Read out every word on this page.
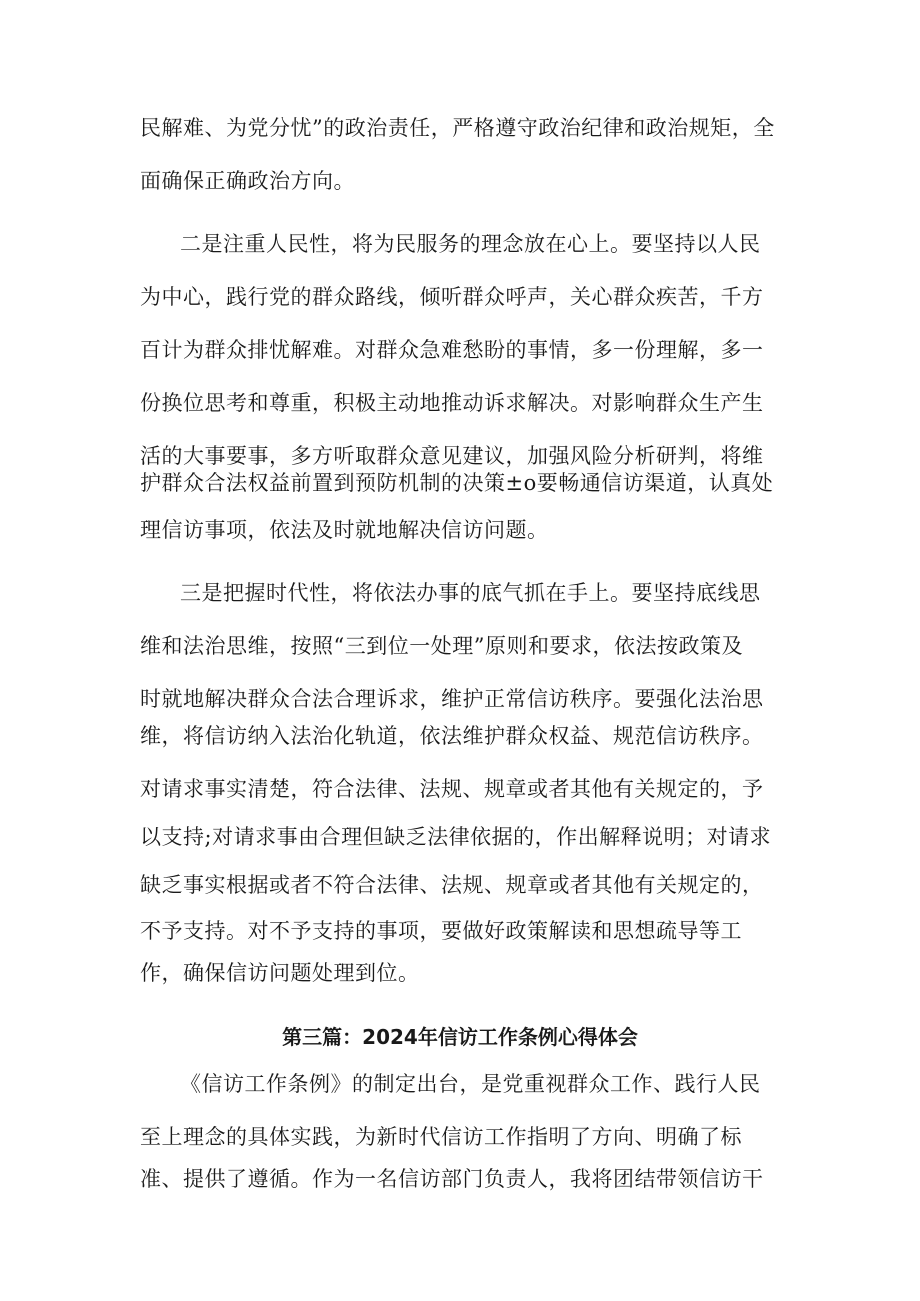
民解难、为党分忧”的政治责任，严格遵守政治纪律和政治规矩，全
面确保正确政治方向。
二是注重人民性，将为民服务的理念放在心上。要坚持以人民
为中心，践行党的群众路线，倾听群众呼声，关心群众疾苦，千方
百计为群众排忧解难。对群众急难愁盼的事情，多一份理解，多一
份换位思考和尊重，积极主动地推动诉求解决。对影响群众生产生
活的大事要事，多方听取群众意见建议，加强风险分析研判，将维
护群众合法权益前置到预防机制的决策±o要畅通信访渠道，认真处
理信访事项，依法及时就地解决信访问题。
三是把握时代性，将依法办事的底气抓在手上。要坚持底线思
维和法治思维，按照“三到位一处理”原则和要求，依法按政策及
时就地解决群众合法合理诉求，维护正常信访秩序。要强化法治思
维，将信访纳入法治化轨道，依法维护群众权益、规范信访秩序。
对请求事实清楚，符合法律、法规、规章或者其他有关规定的，予
以支持;对请求事由合理但缺乏法律依据的，作出解释说明；对请求
缺乏事实根据或者不符合法律、法规、规章或者其他有关规定的，
不予支持。对不予支持的事项，要做好政策解读和思想疏导等工
作，确保信访问题处理到位。
第三篇：2024年信访工作条例心得体会
《信访工作条例》的制定出台，是党重视群众工作、践行人民
至上理念的具体实践，为新时代信访工作指明了方向、明确了标
准、提供了遵循。作为一名信访部门负责人，我将团结带领信访干
